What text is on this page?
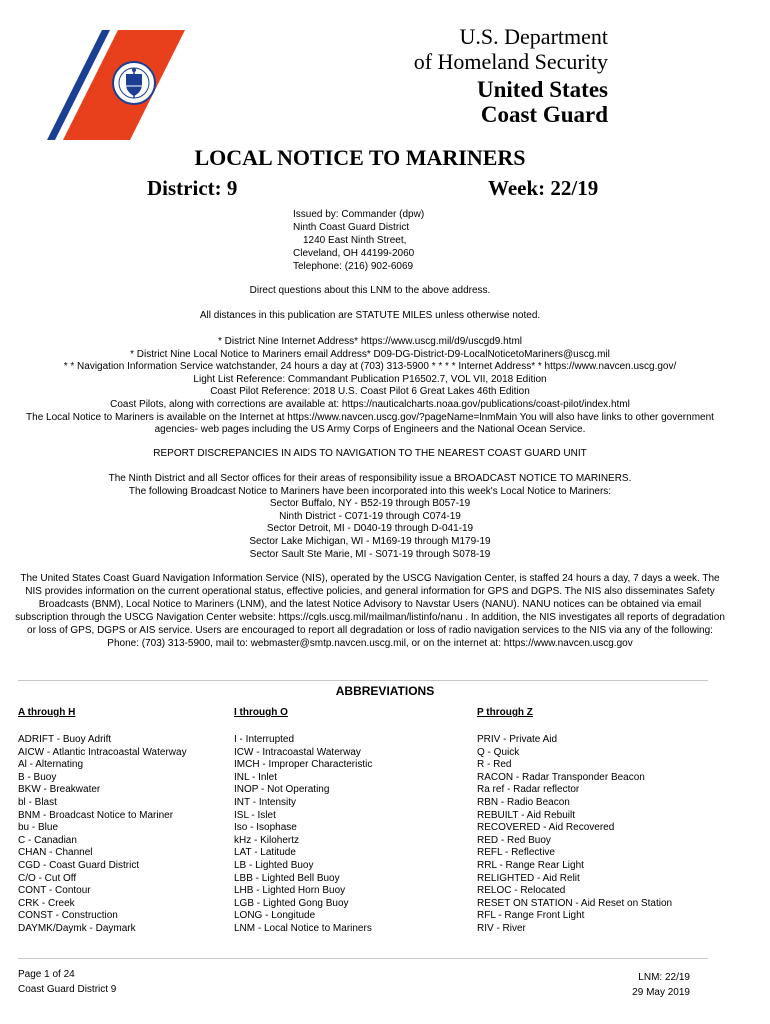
U.S. Department
of Homeland Security
United States
Coast Guard
LOCAL NOTICE TO MARINERS
District: 9	Week: 22/19
Issued by: Commander (dpw)
Ninth Coast Guard District
1240 East Ninth Street,
Cleveland, OH 44199-2060
Telephone: (216) 902-6069
Direct questions about this LNM to the above address.
All distances in this publication are STATUTE MILES unless otherwise noted.
* District Nine Internet Address* https://www.uscg.mil/d9/uscgd9.html
* District Nine Local Notice to Mariners email Address* D09-DG-District-D9-LocalNoticetoMariners@uscg.mil
* * Navigation Information Service watchstander, 24 hours a day at (703) 313-5900 * * * * Internet Address* * https://www.navcen.uscg.gov/
Light List Reference: Commandant Publication P16502.7, VOL VII, 2018 Edition
Coast Pilot Reference: 2018 U.S. Coast Pilot 6 Great Lakes 46th Edition
Coast Pilots, along with corrections are available at: https://nauticalcharts.noaa.gov/publications/coast-pilot/index.html
The Local Notice to Mariners is available on the Internet at https://www.navcen.uscg.gov/?pageName=lnmMain You will also have links to other government agencies- web pages including the US Army Corps of Engineers and the National Ocean Service.
REPORT DISCREPANCIES IN AIDS TO NAVIGATION TO THE NEAREST COAST GUARD UNIT
The Ninth District and all Sector offices for their areas of responsibility issue a BROADCAST NOTICE TO MARINERS.
The following Broadcast Notice to Mariners have been incorporated into this week's Local Notice to Mariners:
Sector Buffalo, NY - B52-19 through B057-19
Ninth District - C071-19 through C074-19
Sector Detroit, MI - D040-19 through D-041-19
Sector Lake Michigan, WI - M169-19 through M179-19
Sector Sault Ste Marie, MI - S071-19 through S078-19
The United States Coast Guard Navigation Information Service (NIS), operated by the USCG Navigation Center, is staffed 24 hours a day, 7 days a week. The NIS provides information on the current operational status, effective policies, and general information for GPS and DGPS. The NIS also disseminates Safety Broadcasts (BNM), Local Notice to Mariners (LNM), and the latest Notice Advisory to Navstar Users (NANU). NANU notices can be obtained via email subscription through the USCG Navigation Center website: https://cgls.uscg.mil/mailman/listinfo/nanu . In addition, the NIS investigates all reports of degradation or loss of GPS, DGPS or AIS service. Users are encouraged to report all degradation or loss of radio navigation services to the NIS via any of the following: Phone: (703) 313-5900, mail to: webmaster@smtp.navcen.uscg.mil, or on the internet at: https://www.navcen.uscg.gov
ABBREVIATIONS
A through H
ADRIFT - Buoy Adrift
AICW - Atlantic Intracoastal Waterway
Al - Alternating
B - Buoy
BKW - Breakwater
bl - Blast
BNM - Broadcast Notice to Mariner
bu - Blue
C - Canadian
CHAN - Channel
CGD - Coast Guard District
C/O - Cut Off
CONT - Contour
CRK - Creek
CONST - Construction
DAYMK/Daymk - Daymark
I through O
I - Interrupted
ICW - Intracoastal Waterway
IMCH - Improper Characteristic
INL - Inlet
INOP - Not Operating
INT - Intensity
ISL - Islet
Iso - Isophase
kHz - Kilohertz
LAT - Latitude
LB - Lighted Buoy
LBB - Lighted Bell Buoy
LHB - Lighted Horn Buoy
LGB - Lighted Gong Buoy
LONG - Longitude
LNM - Local Notice to Mariners
P through Z
PRIV - Private Aid
Q - Quick
R - Red
RACON - Radar Transponder Beacon
Ra ref - Radar reflector
RBN - Radio Beacon
REBUILT - Aid Rebuilt
RECOVERED - Aid Recovered
RED - Red Buoy
REFL - Reflective
RRL - Range Rear Light
RELIGHTED - Aid Relit
RELOC - Relocated
RESET ON STATION - Aid Reset on Station
RFL - Range Front Light
RIV - River
Page 1 of 24
Coast Guard District 9
LNM: 22/19
29 May 2019
